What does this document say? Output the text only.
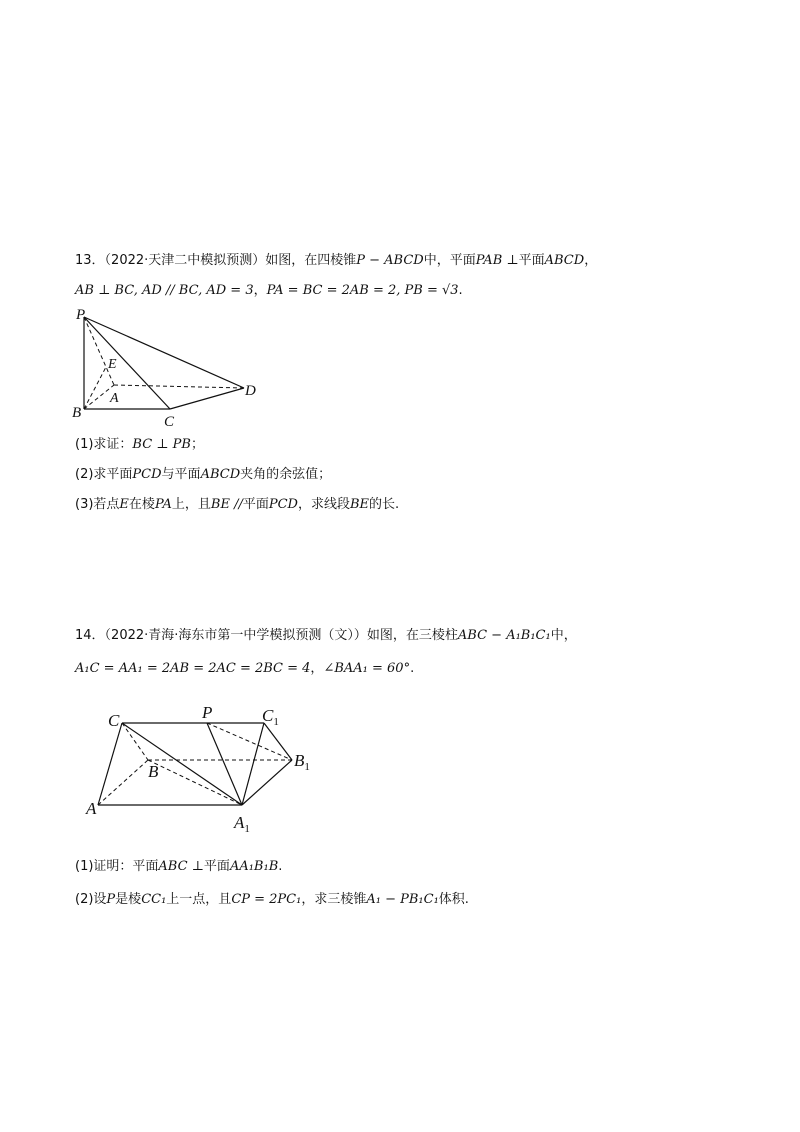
13．（2022·天津二中模拟预测）如图，在四棱锥P − ABCD中，平面PAB ⊥平面ABCD，
AB ⊥ BC, AD // BC, AD = 3，PA = BC = 2AB = 2, PB = √3.
P
E
A
B
C
D
(1)求证：BC ⊥ PB；
(2)求平面PCD与平面ABCD夹角的余弦值；
(3)若点E在棱PA上，且BE //平面PCD，求线段BE的长.
14．（2022·青海·海东市第一中学模拟预测（文））如图，在三棱柱ABC − A₁B₁C₁中，
A₁C = AA₁ = 2AB = 2AC = 2BC = 4，∠BAA₁ = 60°.
C	P	$C_1$
B
$B_1$
A
$A_1$
(1)证明：平面ABC ⊥平面AA₁B₁B.
(2)设P是棱CC₁上一点，且CP = 2PC₁，求三棱锥A₁ − PB₁C₁体积.
